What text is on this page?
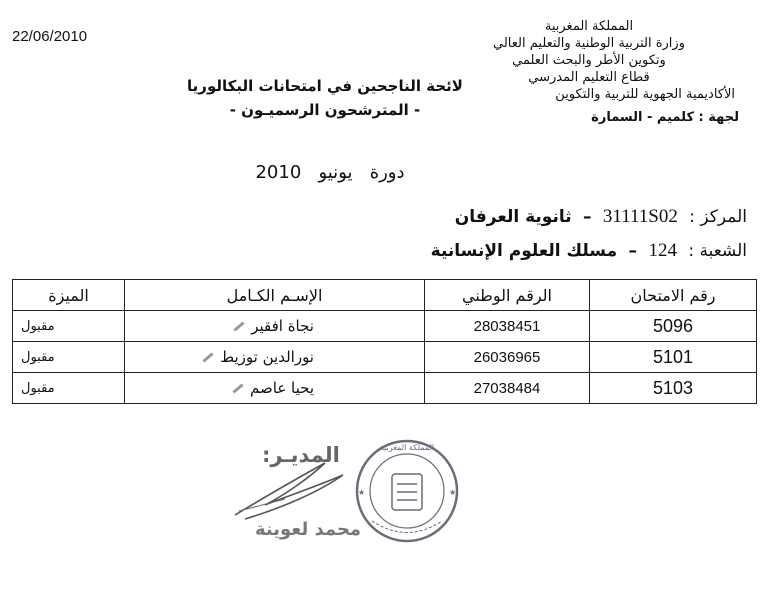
22/06/2010
المملكة المغربية
وزارة التربية الوطنية والتعليم العالي
وتكوين الأطر والبحث العلمي
قطاع التعليم المدرسي
الأكاديمية الجهوية للتربية والتكوين
لجهة : كلميم - السمارة
لائحة الناجحين في امتحانات البكالوريا
- المترشحون الرسميـون -
دورة   يونيو   2010
المركز : 31111S02 – ثانوية العرفان
الشعبة : 124 – مسلك العلوم الإنسانية
رقم الامتحان	الرقم الوطني	الإسـم الكـامل	الميزة
5096	28038451	نجاة افقير	مقبول
5101	26036965	نورالدين توزيط	مقبول
5103	27038484	يحيا عاصم	مقبول
المديـر:
محمد لعوينة
المملكة المغربية
★	★
